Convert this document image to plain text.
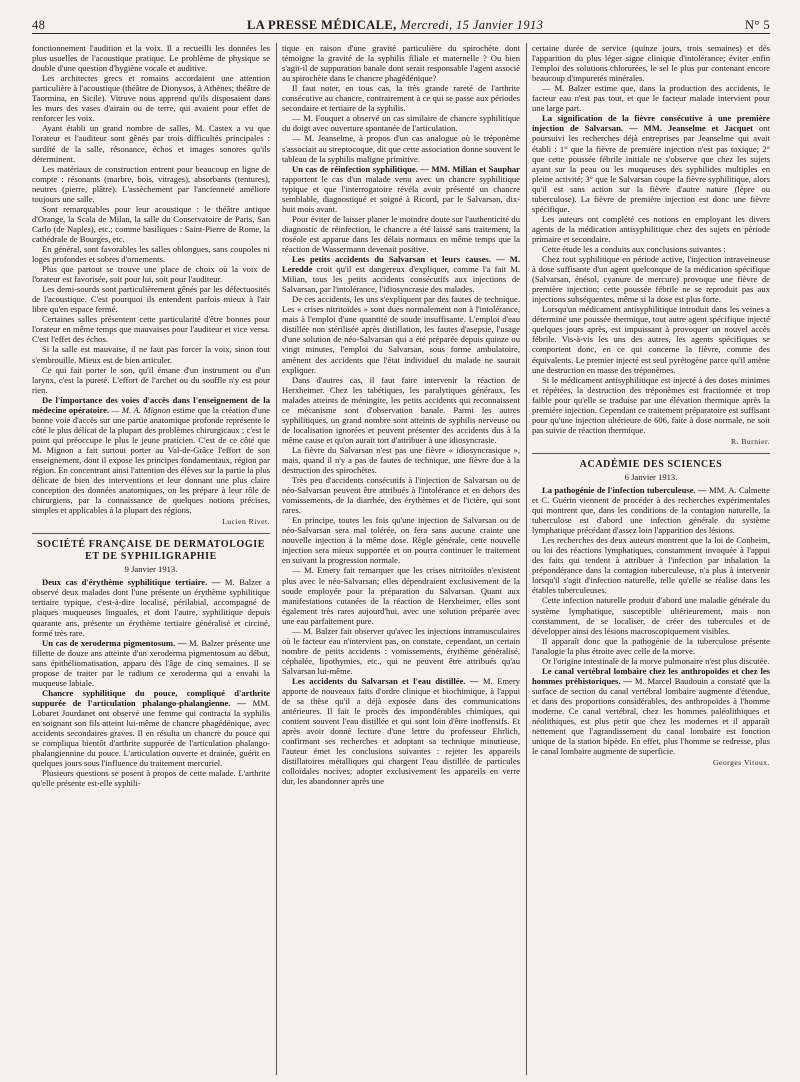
48	LA PRESSE MÉDICALE, Mercredi, 15 Janvier 1913	N° 5

fonctionnement l'audition et la voix. Il a recueilli les données les plus usuelles de l'acoustique pratique. Le problème de physique se double d'une question d'hygiène vocale et auditive.

Les architectes grecs et romains accordaient une attention particulière à l'acoustique (théâtre de Dionysos, à Athènes; théâtre de Taormina, en Sicile). Vitruve nous apprend qu'ils disposaient dans les murs des vases d'airain ou de terre, qui avaient pour effet de renforcer les voix.

Ayant établi un grand nombre de salles, M. Castex a vu que l'orateur et l'auditeur sont gênés par trois difficultés principales : surdité de la salle, résonance, échos et images sonores qu'ils déterminent.

Les matériaux de construction entrent pour beaucoup en ligne de compte : résonants (marbre, bois, vitrages), absorbants (tentures), neutres (pierre, plâtre). L'assèchement par l'ancienneté améliore toujours une salle.

Sont remarquables pour leur acoustique : le théâtre antique d'Orange, la Scala de Milan, la salle du Conservatoire de Paris, San Carlo (de Naples), etc.; comme basiliques : Saint-Pierre de Rome, la cathédrale de Bourges, etc.

En général, sont favorables les salles oblongues, sans coupoles ni loges profondes et sobres d'ornements.

Plus que partout se trouve une place de choix où la voix de l'orateur est favorisée, soit pour lui, soit pour l'auditeur.

Les demi-sourds sont particulièrement gênés par les défectuosités de l'acoustique. C'est pourquoi ils entendent parfois mieux à l'air libre qu'en espace fermé.

Certaines salles présentent cette particularité d'être bonnes pour l'orateur en même temps que mauvaises pour l'auditeur et vice versa. C'est l'effet des échos.

Si la salle est mauvaise, il ne faut pas forcer la voix, sinon tout s'embrouille. Mieux est de bien articuler.

Ce qui fait porter le son, qu'il émane d'un instrument ou d'un larynx, c'est la pureté. L'effort de l'archet ou du souffle n'y est pour rien.

De l'importance des voies d'accès dans l'enseignement de la médecine opératoire. — M. A. Mignon estime que la création d'une bonne voie d'accès sur une partie anatomique profonde représente le côté le plus délicat de la plupart des problèmes chirurgicaux ; c'est le point qui préoccupe le plus le jeune praticien. C'est de ce côté que M. Mignon a fait surtout porter au Val-de-Grâce l'effort de son enseignement, dont il expose les principes fondamentaux, région par région. En concentrant ainsi l'attention des élèves sur la partie la plus délicate de bien des interventions et leur donnant une plus claire conception des données anatomiques, on les prépare à leur rôle de chirurgiens, par la connaissance de quelques notions précises, simples et applicables à la plupart des régions.

Lucien Rivet.

SOCIÉTÉ FRANÇAISE DE DERMATOLOGIE ET DE SYPHILIGRAPHIE
9 Janvier 1913.

Deux cas d'érythème syphilitique tertiaire. — M. Balzer a observé deux malades dont l'une présente un érythème syphilitique tertiaire typique, c'est-à-dire localisé, périlabial, accompagné de plaques muqueuses linguales, et dont l'autre, syphilitique depuis quarante ans, présente un érythème tertiaire généralisé et circiné, formé très rare.

Un cas de xeroderma pigmentosum. — M. Balzer présente une fillette de douze ans atteinte d'un xeroderma pigmentosum au début, sans épithéliomatisation, apparu dès l'âge de cinq semaines. Il se propose de traiter par le radium ce xeroderma qui a envahi la muqueuse labiale.

Chancre syphilitique du pouce, compliqué d'arthrite suppurée de l'articulation phalango-phalangienne. — MM. Lobaret Jourdanet ont observé une femme qui contracta la syphilis en soignant son fils atteint lui-même de chancre phagédénique, avec accidents secondaires graves. Il en résulta un chancre du pouce qui se compliqua bientôt d'arthrite suppurée de l'articulation phalango-phalangiennine du pouce. L'articulation ouverte et drainée, guérit en quelques jours sous l'influence du traitement mercuriel.

Plusieurs questions se posent à propos de cette malade. L'arthrite qu'elle présente est-elle syphili-

tique en raison d'une gravité particulière du spirochète dont témoigne la gravité de la syphilis filiale et maternelle ? Ou bien s'agit-il de suppuration banale dont serait responsable l'agent associé au spirochète dans le chancre phagédénique?

Il faut noter, en tous cas, la très grande rareté de l'arthrite consécutive au chancre, contrairement à ce qui se passe aux périodes secondaire et tertiaire de la syphilis.

— M. Fouquet a observé un cas similaire de chancre syphilitique du doigt avec ouverture spontanée de l'articulation.

— M. Jeanselme, à propos d'un cas analogue où le tréponème s'associait au streptocoque, dit que cette association donne souvent le tableau de la syphilis maligne primitive.

Un cas de réinfection syphilitique. — MM. Milian et Sauphar rapportent le cas d'un malade venu avec un chancre syphilitique typique et que l'interrogatoire révéla avoir présenté un chancre semblable, diagnostiqué et soigné à Ricord, par le Salvarsan, dix-huit mois avant.

Pour éviter de laisser planer le moindre doute sur l'authenticité du diagnostic de réinfection, le chancre a été laissé sans traitement, la roséole est apparue dans les délais normaux en même temps que la réaction de Wassermann devenait positive.

Les petits accidents du Salvarsan et leurs causes. — M. Leredde croit qu'il est dangereux d'expliquer, comme l'a fait M. Milian, tous les petits accidents consécutifs aux injections de Salvarsan, par l'intolérance, l'idiosyncrasie des malades.

De ces accidents, les uns s'expliquent par des fautes de technique. Les « crises nitritoïdes » sont dues normalement non à l'intolérance, mais à l'emploi d'une quantité de soude insuffisante. L'emploi d'eau distillée non stérilisée après distillation, les fautes d'asepsie, l'usage d'une solution de néo-Salvarsan qui a été préparée depuis quinze ou vingt minutes, l'emploi du Salvarsan, sous forme ambulatoire, amènent des accidents que l'état individuel du malade ne saurait expliquer.

Dans d'autres cas, il faut faire intervenir la réaction de Herxheimer. Chez les tabétiques, les paralytiques généraux, les malades atteints de méningite, les petits accidents qui reconnaissent ce mécanisme sont d'observation banale. Parmi les autres syphilitiques, un grand nombre sont atteints de syphilis nerveuse ou de localisation ignorées et peuvent présenter des accidents dus à la même cause et qu'on aurait tort d'attribuer à une idiosyncrasie.

La fièvre du Salvarsan n'est pas une fièvre « idiosyncrasique », mais, quand il n'y a pas de fautes de technique, une fièvre due à la destruction des spirochètes.

Très peu d'accidents consécutifs à l'injection de Salvarsan ou de néo-Salvarsan peuvent être attribués à l'intolérance et en dehors des vomissements, de la diarrhée, des érythèmes et de l'ictère, qui sont rares.

En principe, toutes les fois qu'une injection de Salvarsan ou de néo-Salvarsan sera mal tolérée, on fera sans aucune crainte une nouvelle injection à la même dose. Règle générale, cette nouvelle injection sera mieux supportée et on pourra continuer le traitement en suivant la progression normale.

— M. Emery fait remarquer que les crises nitritoïdes n'existent plus avec le néo-Salvarsan; elles dépendraient exclusivement de la soude employée pour la préparation du Salvarsan. Quant aux manifestations cutanées de la réaction de Herxheimer, elles sont également très rares aujourd'hui, avec une solution préparée avec une eau parfaitement pure.

— M. Balzer fait observer qu'avec les injections intramusculaires où le facteur eau n'intervient pas, on constate, cependant, un certain nombre de petits accidents : vomissements, érythème généralisé, céphalée, lipothymies, etc., qui ne peuvent être attribués qu'au Salvarsan lui-même.

Les accidents du Salvarsan et l'eau distillée. — M. Emery apporte de nouveaux faits d'ordre clinique et biochimique, à l'appui de sa thèse qu'il a déjà exposée dans des communications antérieures. Il fait le procès des impondérables chimiques, qui contient souvent l'eau distillée et qui sont loin d'être inoffensifs. Et après avoir donné lecture d'une lettre du professeur Ehrlich, confirmant ses recherches et adoptant sa technique minutieuse, l'auteur émet les conclusions suivantes : rejeter les appareils distillatoires métalliques qui chargent l'eau distillée de particules colloïdales nocives; adopter exclusivement les appareils en verre dur, les abandonner après une

certaine durée de service (quinze jours, trois semaines) et dès l'apparition du plus léger signe clinique d'intolérance; éviter enfin l'emploi des solutions chlorurées, le sel le plus pur contenant encore beaucoup d'impuretés minérales.

— M. Balzer estime que, dans la production des accidents, le facteur eau n'est pas tout, et que le facteur malade intervient pour une large part.

La signification de la fièvre consécutive à une première injection de Salvarsan. — MM. Jeanselme et Jacquet ont poursuivi les recherches déjà entreprises par Jeanselme qui avait établi : 1° que la fièvre de première injection n'est pas toxique; 2° que cette poussée fébrile initiale ne s'observe que chez les sujets ayant sur la peau ou les muqueuses des syphilides multiples en pleine activité; 3° que le Salvarsan coupe la fièvre syphilitique, alors qu'il est sans action sur la fièvre d'autre nature (lèpre ou tuberculose). La fièvre de première injection est donc une fièvre spécifique.

Les auteurs ont complété ces notions en employant les divers agents de la médication antisyphilitique chez des sujets en période primaire et secondaire.

Cette étude les a conduits aux conclusions suivantes :

Chez tout syphilitique en période active, l'injection intraveineuse à dose suffisante d'un agent quelconque de la médication spécifique (Salvarsan, énésol, cyanure de mercure) provoque une fièvre de première injection; cette poussée fébrile ne se reproduit pas aux injections subséquentes, même si la dose est plus forte.

Lorsqu'un médicament antisyphilitique introduit dans les veines a déterminé une poussée thermique, tout autre agent spécifique injecté quelques jours après, est impuissant à provoquer un nouvel accès fébrile. Vis-à-vis les uns des autres, les agents spécifiques se comportent donc, en ce qui concerne la fièvre, comme des équivalents. Le premier injecté est seul pyrétogène parce qu'il amène une destruction en masse des tréponèmes.

Si le médicament antisyphilitique est injecté à des doses minimes et répétées, la destruction des tréponèmes est fractionnée et trop faible pour qu'elle se traduise par une élévation thermique après la première injection. Cependant ce traitement préparatoire est suffisant pour qu'une injection ultérieure de 606, faite à dose normale, ne soit pas suivie de réaction thermique.

R. Burnier.

ACADÉMIE DES SCIENCES
6 Janvier 1913.

La pathogénie de l'infection tuberculeuse. — MM. A. Calmette et C. Guérin viennent de procéder à des recherches expérimentales qui montrent que, dans les conditions de la contagion naturelle, la tuberculose est d'abord une infection générale du système lymphatique précédant d'assez loin l'apparition des lésions.

Les recherches des deux auteurs montrent que la loi de Conheim, ou loi des réactions lymphatiques, constamment invoquée à l'appui des faits qui tendent à attribuer à l'infection par inhalation la prépondérance dans la contagion tuberculeuse, n'a plus à intervenir lorsqu'il s'agit d'infection naturelle, telle qu'elle se réalise dans les étables tuberculeuses.

Cette infection naturelle produit d'abord une maladie générale du système lymphatique, susceptible ultérieurement, mais non constamment, de se localiser, de créer des tubercules et de développer ainsi des lésions macroscopiquement visibles.

Il apparaît donc que la pathogénie de la tuberculose présente l'analogie la plus étroite avec celle de la morve.

Or l'origine intestinale de la morve pulmonaire n'est plus discutée.

Le canal vertébral lombaire chez les anthropoïdes et chez les hommes préhistoriques. — M. Marcel Baudouin a constaté que la surface de section du canal vertébral lombaire augmente d'étendue, et dans des proportions considérables, des anthropoïdes à l'homme moderne. Ce canal vertébral, chez les hommes paléolithiques et néolithiques, est plus petit que chez les modernes et il apparaît nettement que l'agrandissement du canal lombaire est fonction unique de la station bipède. En effet, plus l'homme se redresse, plus le canal lombaire augmente de superficie.

Georges Vitoux.
